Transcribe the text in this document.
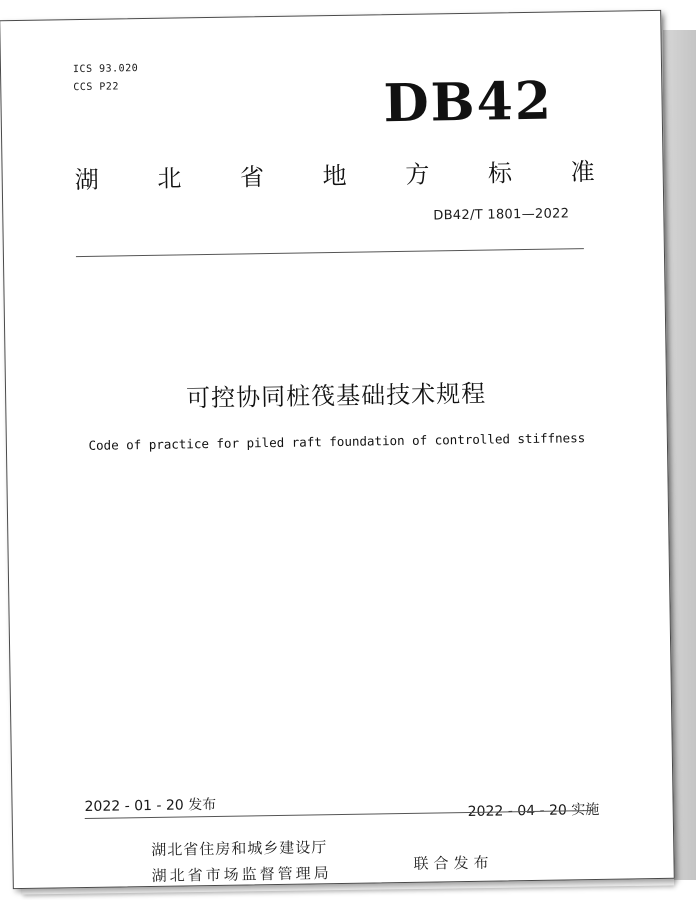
ICS 93.020
CCS P22	DB42
湖 北 省 地 方 标 准
DB42/T 1801—2022
可控协同桩筏基础技术规程
Code of practice for piled raft foundation of controlled stiffness
2022 - 01 - 20 发布	2022 - 04 - 20 实施
湖北省住房和城乡建设厅
湖北省市场监督管理局
联合发布
